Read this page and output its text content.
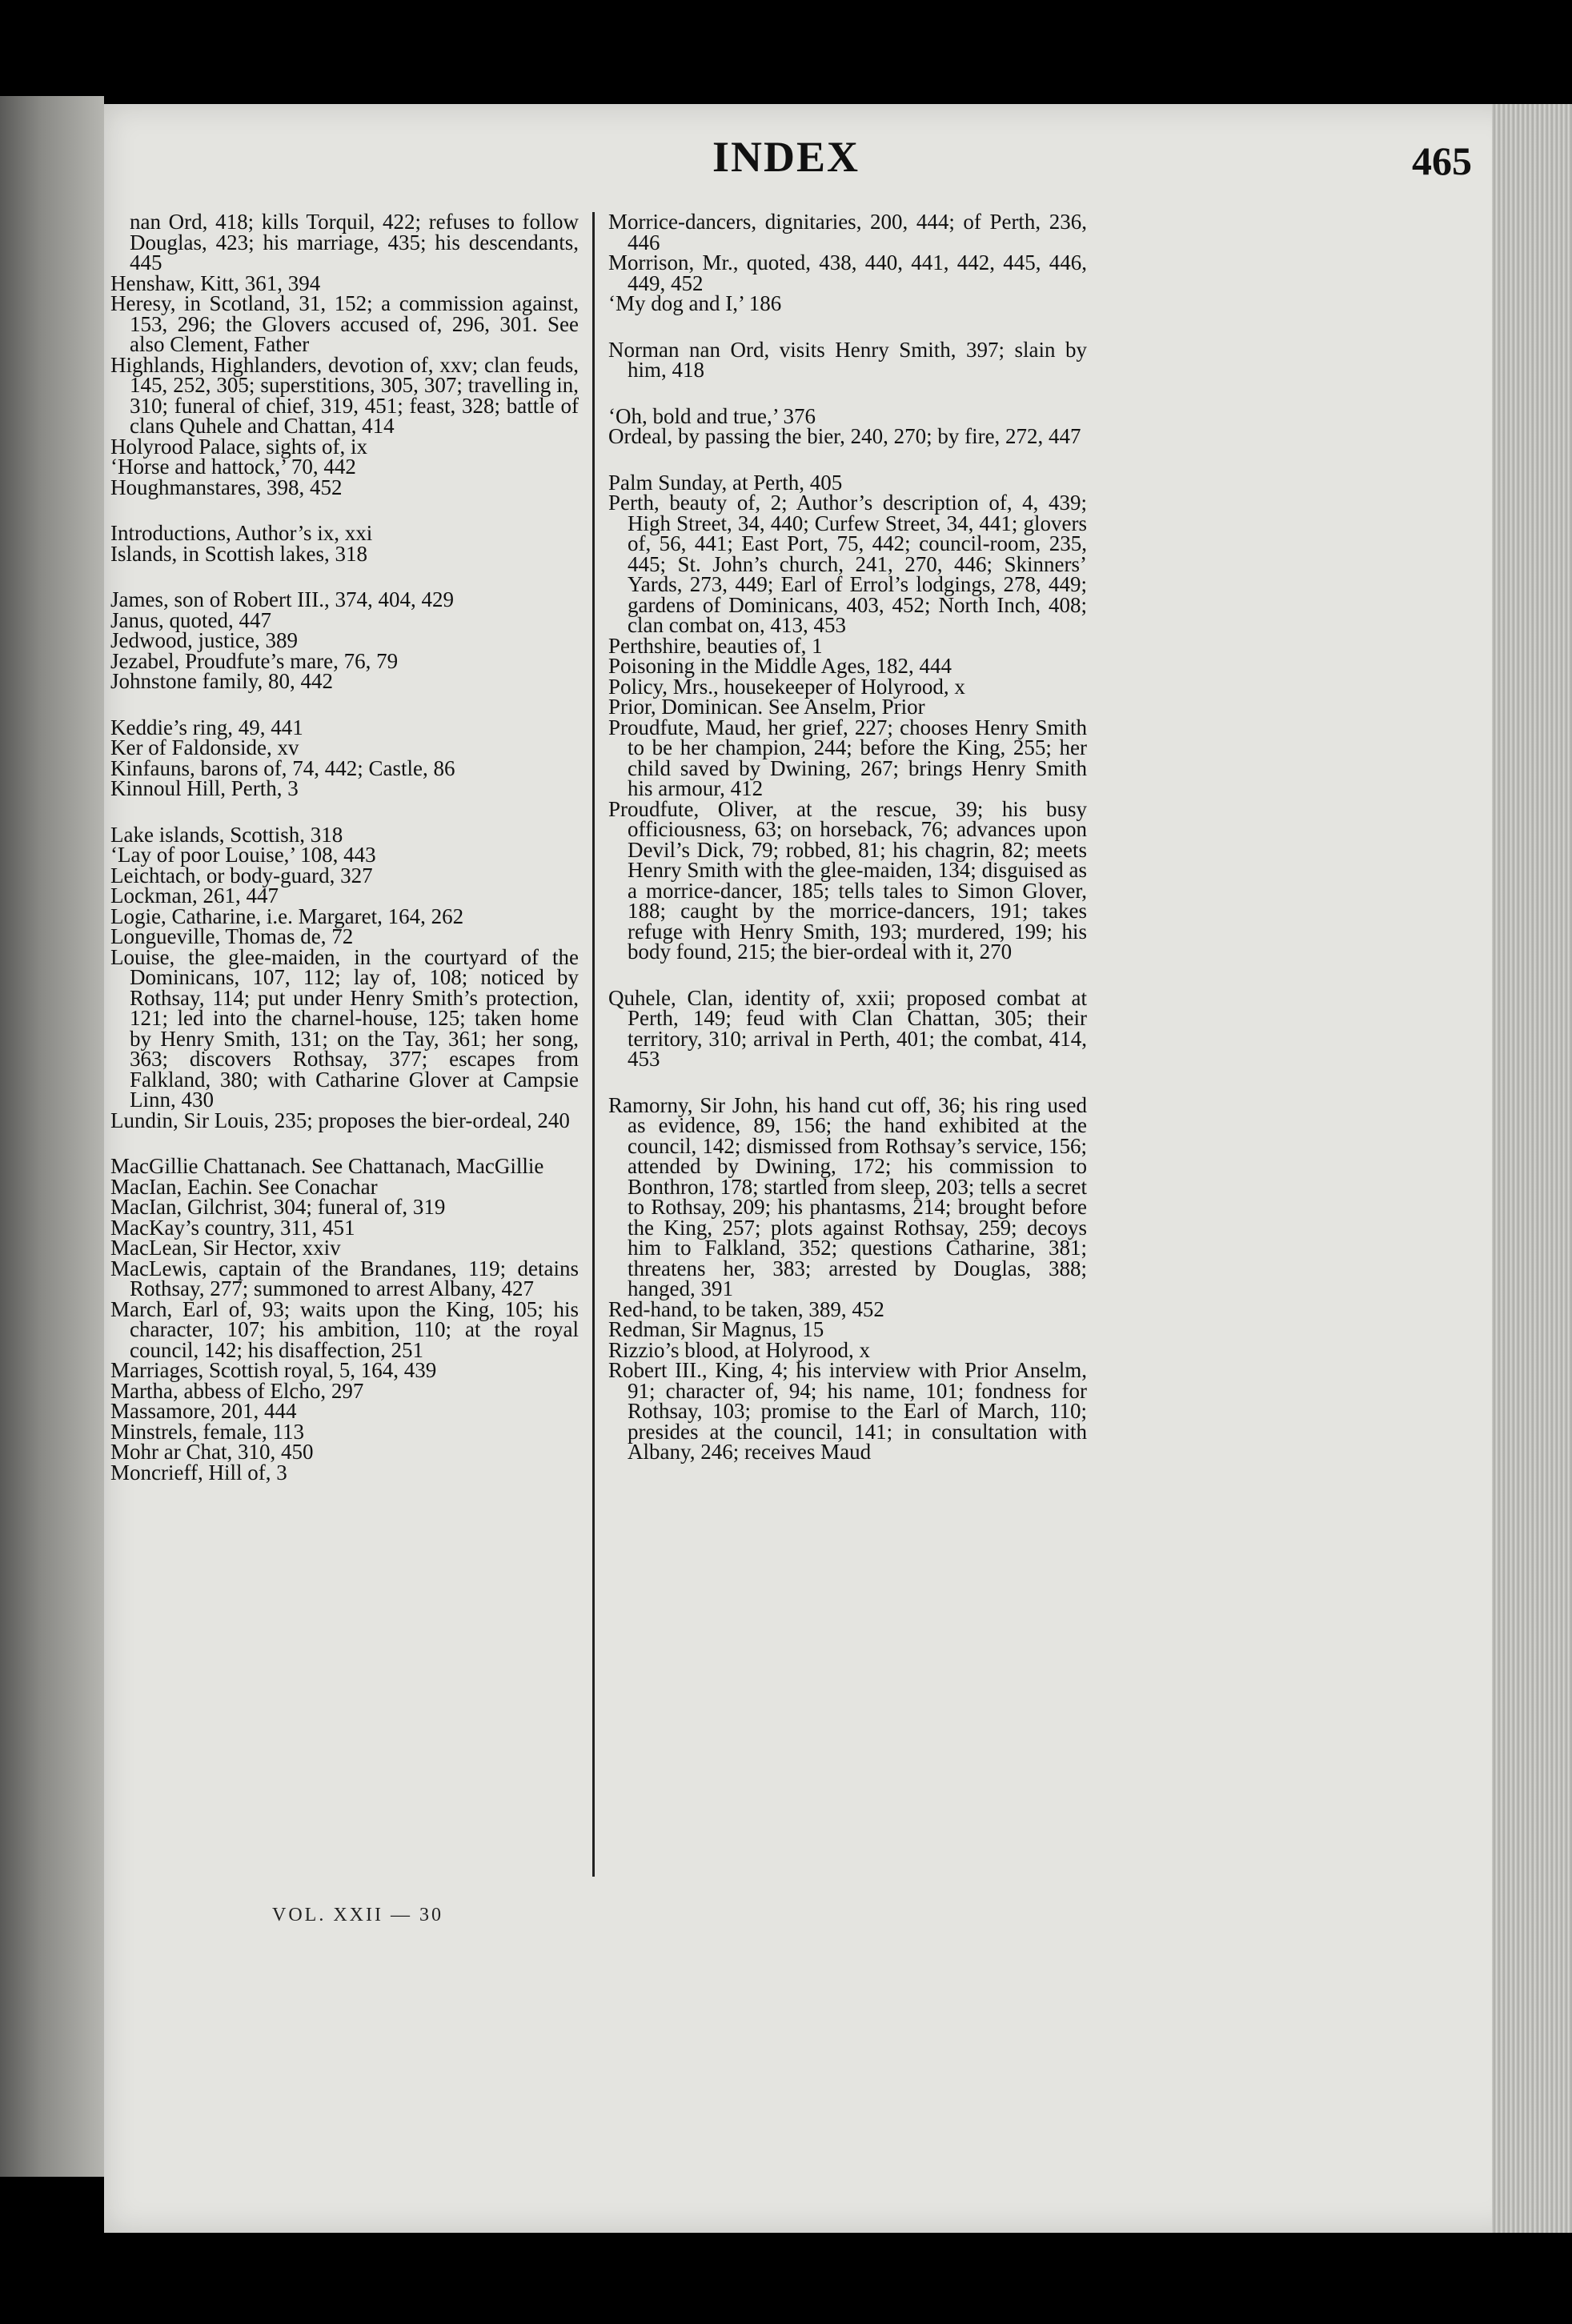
INDEX	465

nan Ord, 418; kills Torquil, 422; refuses to follow Douglas, 423; his marriage, 435; his descendants, 445

Henshaw, Kitt, 361, 394

Heresy, in Scotland, 31, 152; a commission against, 153, 296; the Glovers accused of, 296, 301. See also Clement, Father

Highlands, Highlanders, devotion of, xxv; clan feuds, 145, 252, 305; superstitions, 305, 307; travelling in, 310; funeral of chief, 319, 451; feast, 328; battle of clans Quhele and Chattan, 414

Holyrood Palace, sights of, ix

‘Horse and hattock,’ 70, 442

Houghmanstares, 398, 452

Introductions, Author’s ix, xxi

Islands, in Scottish lakes, 318

James, son of Robert III., 374, 404, 429

Janus, quoted, 447

Jedwood, justice, 389

Jezabel, Proudfute’s mare, 76, 79

Johnstone family, 80, 442

Keddie’s ring, 49, 441

Ker of Faldonside, xv

Kinfauns, barons of, 74, 442; Castle, 86

Kinnoul Hill, Perth, 3

Lake islands, Scottish, 318

‘Lay of poor Louise,’ 108, 443

Leichtach, or body-guard, 327

Lockman, 261, 447

Logie, Catharine, i.e. Margaret, 164, 262

Longueville, Thomas de, 72

Louise, the glee-maiden, in the courtyard of the Dominicans, 107, 112; lay of, 108; noticed by Rothsay, 114; put under Henry Smith’s protection, 121; led into the charnel-house, 125; taken home by Henry Smith, 131; on the Tay, 361; her song, 363; discovers Rothsay, 377; escapes from Falkland, 380; with Catharine Glover at Campsie Linn, 430

Lundin, Sir Louis, 235; proposes the bier-ordeal, 240

MacGillie Chattanach. See Chattanach, MacGillie

MacIan, Eachin. See Conachar

MacIan, Gilchrist, 304; funeral of, 319

MacKay’s country, 311, 451

MacLean, Sir Hector, xxiv

MacLewis, captain of the Brandanes, 119; detains Rothsay, 277; summoned to arrest Albany, 427

March, Earl of, 93; waits upon the King, 105; his character, 107; his ambition, 110; at the royal council, 142; his disaffection, 251

Marriages, Scottish royal, 5, 164, 439

Martha, abbess of Elcho, 297

Massamore, 201, 444

Minstrels, female, 113

Mohr ar Chat, 310, 450

Moncrieff, Hill of, 3

Morrice-dancers, dignitaries, 200, 444; of Perth, 236, 446

Morrison, Mr., quoted, 438, 440, 441, 442, 445, 446, 449, 452

‘My dog and I,’ 186

Norman nan Ord, visits Henry Smith, 397; slain by him, 418

‘Oh, bold and true,’ 376

Ordeal, by passing the bier, 240, 270; by fire, 272, 447

Palm Sunday, at Perth, 405

Perth, beauty of, 2; Author’s description of, 4, 439; High Street, 34, 440; Curfew Street, 34, 441; glovers of, 56, 441; East Port, 75, 442; council-room, 235, 445; St. John’s church, 241, 270, 446; Skinners’ Yards, 273, 449; Earl of Errol’s lodgings, 278, 449; gardens of Dominicans, 403, 452; North Inch, 408; clan combat on, 413, 453

Perthshire, beauties of, 1

Poisoning in the Middle Ages, 182, 444

Policy, Mrs., housekeeper of Holyrood, x

Prior, Dominican. See Anselm, Prior

Proudfute, Maud, her grief, 227; chooses Henry Smith to be her champion, 244; before the King, 255; her child saved by Dwining, 267; brings Henry Smith his armour, 412

Proudfute, Oliver, at the rescue, 39; his busy officiousness, 63; on horseback, 76; advances upon Devil’s Dick, 79; robbed, 81; his chagrin, 82; meets Henry Smith with the glee-maiden, 134; disguised as a morrice-dancer, 185; tells tales to Simon Glover, 188; caught by the morrice-dancers, 191; takes refuge with Henry Smith, 193; murdered, 199; his body found, 215; the bier-ordeal with it, 270

Quhele, Clan, identity of, xxii; proposed combat at Perth, 149; feud with Clan Chattan, 305; their territory, 310; arrival in Perth, 401; the combat, 414, 453

Ramorny, Sir John, his hand cut off, 36; his ring used as evidence, 89, 156; the hand exhibited at the council, 142; dismissed from Rothsay’s service, 156; attended by Dwining, 172; his commission to Bonthron, 178; startled from sleep, 203; tells a secret to Rothsay, 209; his phantasms, 214; brought before the King, 257; plots against Rothsay, 259; decoys him to Falkland, 352; questions Catharine, 381; threatens her, 383; arrested by Douglas, 388; hanged, 391

Red-hand, to be taken, 389, 452

Redman, Sir Magnus, 15

Rizzio’s blood, at Holyrood, x

Robert III., King, 4; his interview with Prior Anselm, 91; character of, 94; his name, 101; fondness for Rothsay, 103; promise to the Earl of March, 110; presides at the council, 141; in consultation with Albany, 246; receives Maud

VOL. XXII — 30
